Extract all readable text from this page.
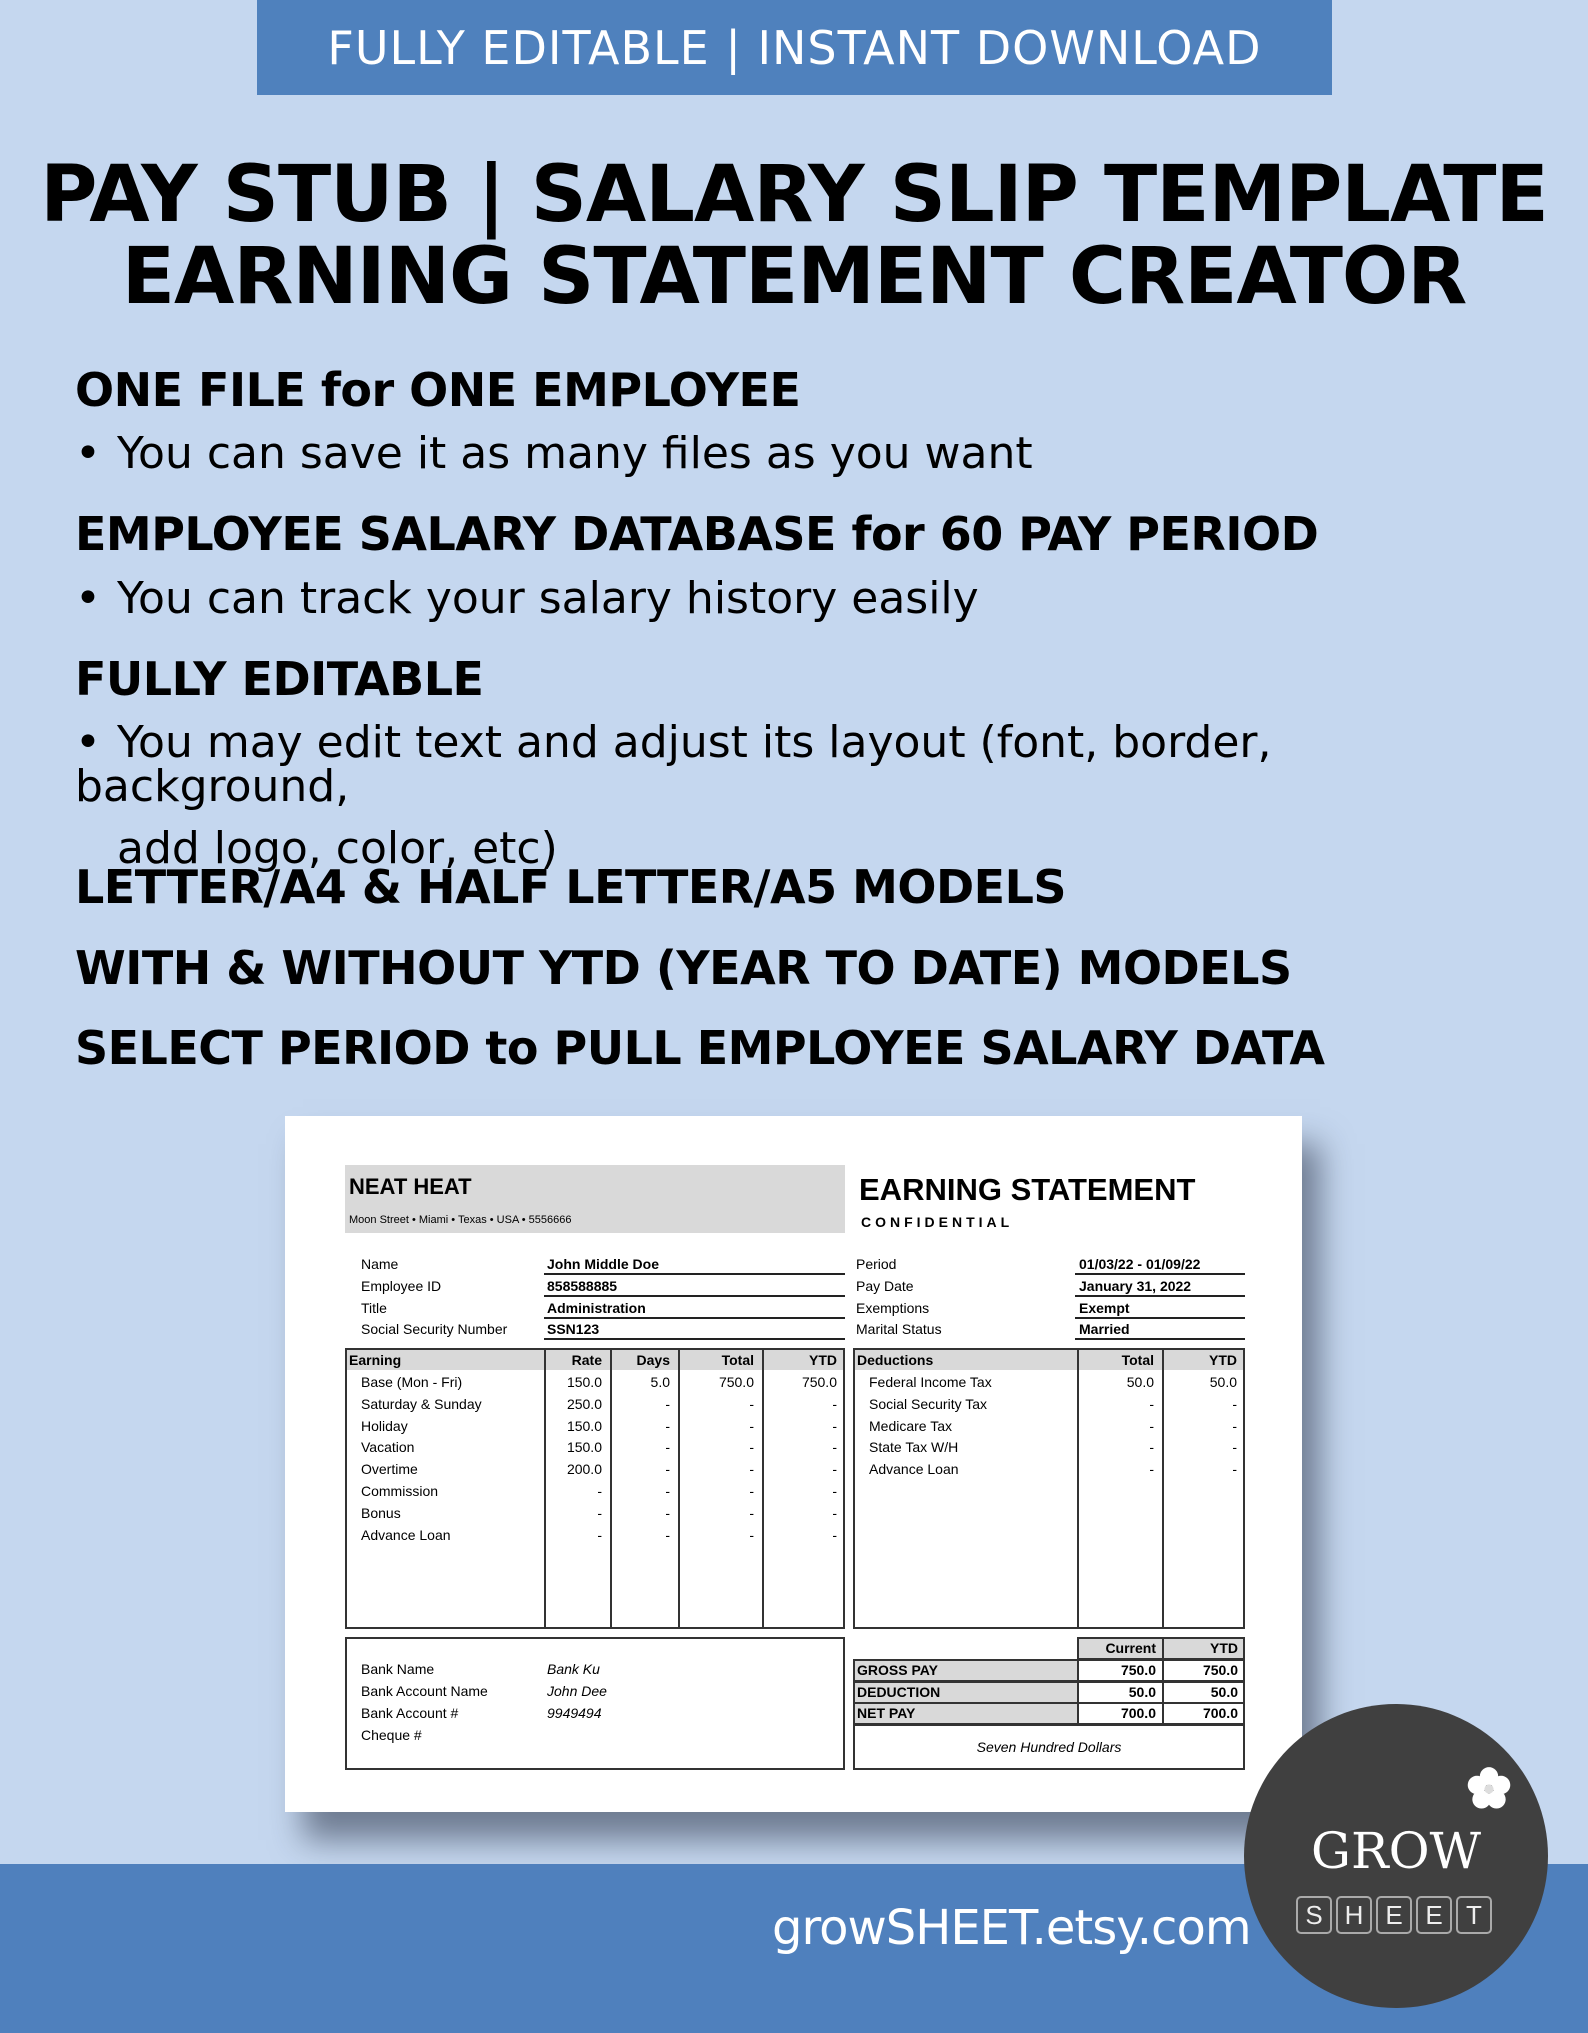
FULLY EDITABLE | INSTANT DOWNLOAD
PAY STUB | SALARY SLIP TEMPLATE
EARNING STATEMENT CREATOR
ONE FILE for ONE EMPLOYEE
• You can save it as many files as you want
EMPLOYEE SALARY DATABASE for 60 PAY PERIOD
• You can track your salary history easily
FULLY EDITABLE
• You may edit text and adjust its layout (font, border, background,
add logo, color, etc)
LETTER/A4 & HALF LETTER/A5 MODELS
WITH & WITHOUT YTD (YEAR TO DATE) MODELS
SELECT PERIOD to PULL EMPLOYEE SALARY DATA
NEAT HEAT
Moon Street • Miami • Texas • USA • 5556666
EARNING STATEMENT
CONFIDENTIAL
Name	John Middle Doe
Employee ID	858588885
Title	Administration
Social Security Number	SSN123
Period	01/03/22 - 01/09/22
Pay Date	January 31, 2022
Exemptions	Exempt
Marital Status	Married
Earning	Rate	Days	Total	YTD
Base (Mon - Fri)	150.0	5.0	750.0	750.0
Saturday & Sunday	250.0	-	-	-
Holiday	150.0	-	-	-
Vacation	150.0	-	-	-
Overtime	200.0	-	-	-
Commission	-	-	-	-
Bonus	-	-	-	-
Advance Loan	-	-	-	-
Deductions	Total	YTD
Federal Income Tax	50.0	50.0
Social Security Tax	-	-
Medicare Tax	-	-
State Tax W/H	-	-
Advance Loan	-	-
Bank Name	Bank Ku
Bank Account Name	John Dee
Bank Account #	9949494
Cheque #
Current	YTD
GROSS PAY	750.0	750.0
DEDUCTION	50.0	50.0
NET PAY	700.0	700.0
Seven Hundred Dollars
growSHEET.etsy.com
GROW
S H E E T
